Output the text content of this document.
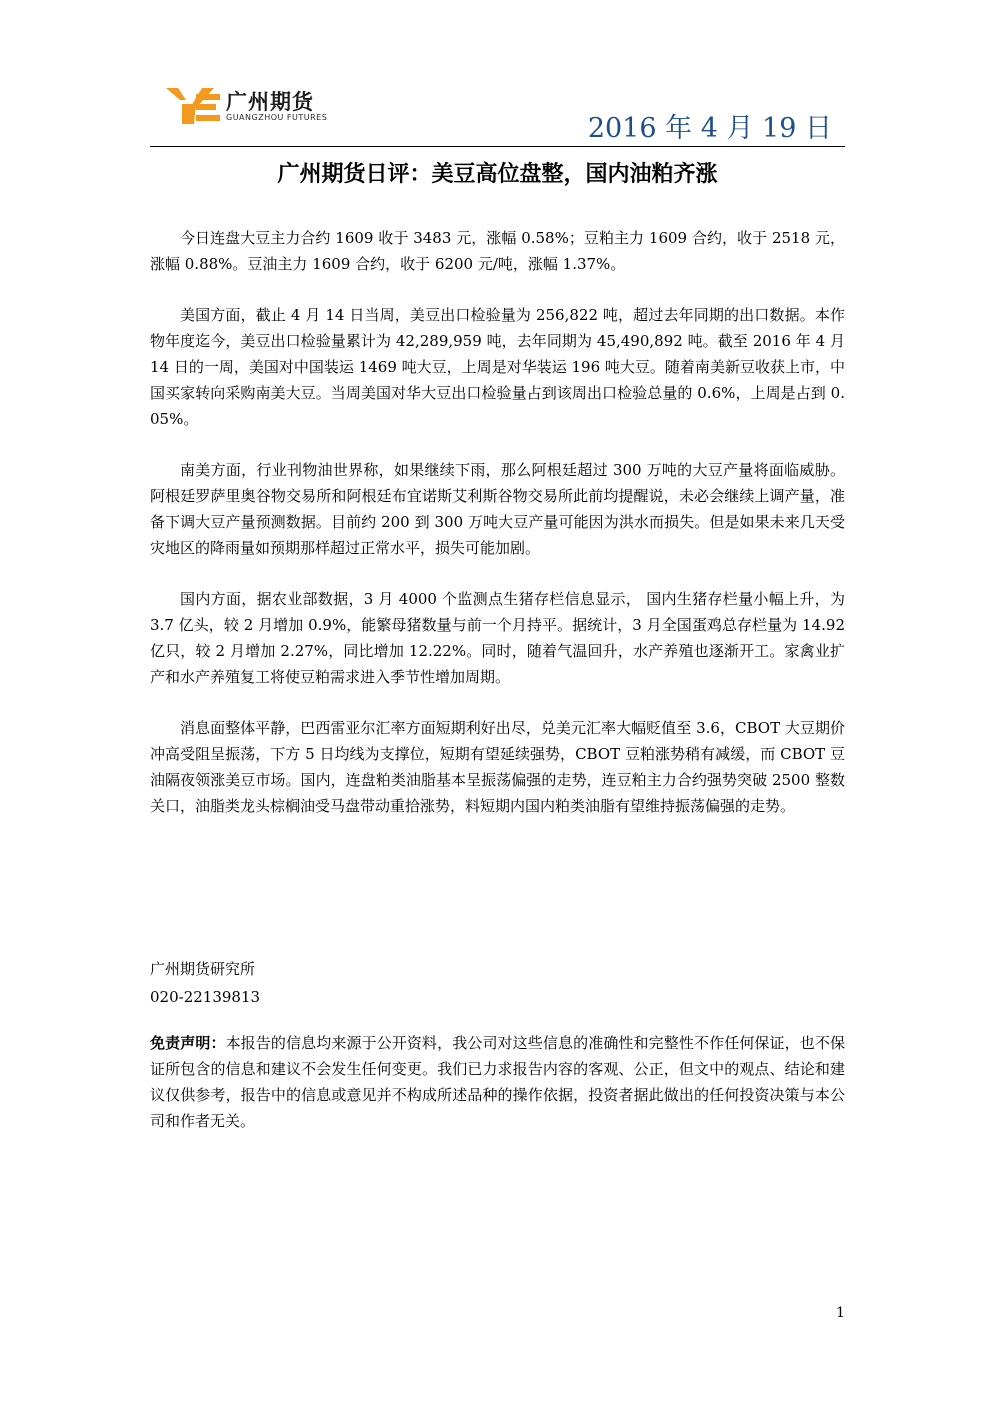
广州期货
GUANGZHOU FUTURES	2016 年 4 月 19 日
广州期货日评：美豆高位盘整，国内油粕齐涨

今日连盘大豆主力合约 1609 收于 3483 元，涨幅 0.58%；豆粕主力 1609 合约，收于 2518 元，涨幅 0.88%。豆油主力 1609 合约，收于 6200 元/吨，涨幅 1.37%。

美国方面，截止 4 月 14 日当周，美豆出口检验量为 256,822 吨，超过去年同期的出口数据。本作物年度迄今，美豆出口检验量累计为 42,289,959 吨，去年同期为 45,490,892 吨。截至 2016 年 4 月 14 日的一周，美国对中国装运 1469 吨大豆，上周是对华装运 196 吨大豆。随着南美新豆收获上市，中国买家转向采购南美大豆。当周美国对华大豆出口检验量占到该周出口检验总量的 0.6%，上周是占到 0.05%。

南美方面，行业刊物油世界称，如果继续下雨，那么阿根廷超过 300 万吨的大豆产量将面临威胁。阿根廷罗萨里奥谷物交易所和阿根廷布宜诺斯艾利斯谷物交易所此前均提醒说，未必会继续上调产量，准备下调大豆产量预测数据。目前约 200 到 300 万吨大豆产量可能因为洪水而损失。但是如果未来几天受灾地区的降雨量如预期那样超过正常水平，损失可能加剧。

国内方面，据农业部数据，3 月 4000 个监测点生猪存栏信息显示， 国内生猪存栏量小幅上升，为 3.7 亿头，较 2 月增加 0.9%，能繁母猪数量与前一个月持平。据统计，3 月全国蛋鸡总存栏量为 14.92 亿只，较 2 月增加 2.27%，同比增加 12.22%。同时，随着气温回升，水产养殖也逐渐开工。家禽业扩产和水产养殖复工将使豆粕需求进入季节性增加周期。

消息面整体平静，巴西雷亚尔汇率方面短期利好出尽，兑美元汇率大幅贬值至 3.6，CBOT 大豆期价冲高受阻呈振荡，下方 5 日均线为支撑位，短期有望延续强势，CBOT 豆粕涨势稍有减缓，而 CBOT 豆油隔夜领涨美豆市场。国内，连盘粕类油脂基本呈振荡偏强的走势，连豆粕主力合约强势突破 2500 整数关口，油脂类龙头棕榈油受马盘带动重拾涨势，料短期内国内粕类油脂有望维持振荡偏强的走势。

广州期货研究所
020-22139813
免责声明：本报告的信息均来源于公开资料，我公司对这些信息的准确性和完整性不作任何保证，也不保证所包含的信息和建议不会发生任何变更。我们已力求报告内容的客观、公正，但文中的观点、结论和建议仅供参考，报告中的信息或意见并不构成所述品种的操作依据，投资者据此做出的任何投资决策与本公司和作者无关。
1
